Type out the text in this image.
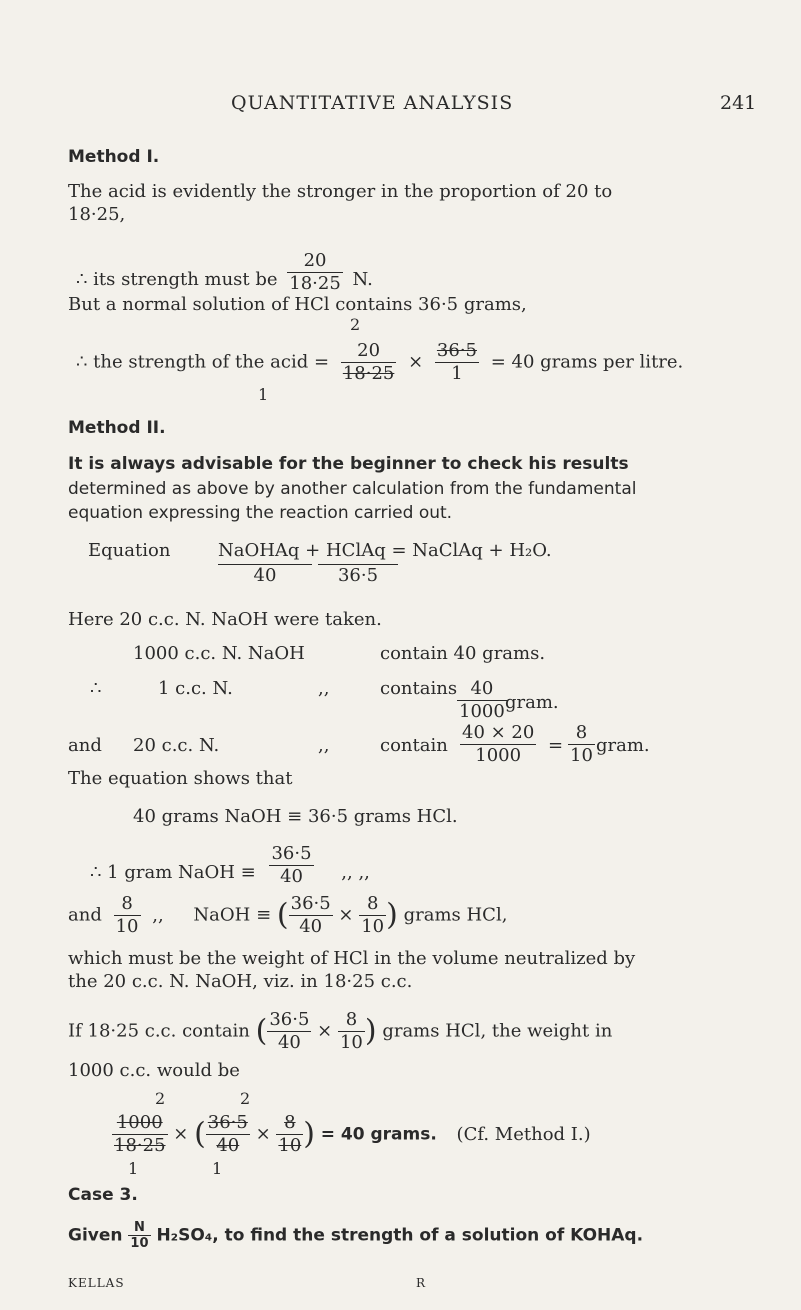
QUANTITATIVE ANALYSIS	241
Method I.
The acid is evidently the stronger in the proportion of 20 to
18·25,
∴ its strength must be $\frac{20}{18\cdot 25} N$.
But a normal solution of HCl contains 36·5 grams,
2
∴ the strength of the acid = $\frac{20}{18\cdot 25} \times \frac{36\cdot 5}{1} = 40$ grams per litre.
1
Method II.
It is always advisable for the beginner to check his results
determined as above by another calculation from the fundamental
equation expressing the reaction carried out.
Equation	NaOHAq + HClAq = NaClAq + H₂O.
40	36·5
Here 20 c.c. N. NaOH were taken.
1000 c.c. N. NaOH	contain 40 grams.
∴	1 c.c. N.	,,	contains $\frac{40}{1000}$
gram.
and 20 c.c. N.	,,	contain $\frac{40 \times 20}{1000} = \frac{8}{10}$ gram.
The equation shows that
40 grams NaOH ≡ 36·5 grams HCl.
∴ 1 gram NaOH ≡ $\frac{36\cdot 5}{40}$ ,, ,,
and $\frac{8}{10}$ ,, NaOH ≡ ( $\frac{36\cdot 5}{40} \times \frac{8}{10}$ ) grams HCl,
which must be the weight of HCl in the volume neutralized by
the 20 c.c. N. NaOH, viz. in 18·25 c.c.
If 18·25 c.c. contain ( $\frac{36\cdot 5}{40} \times \frac{8}{10}$ ) grams HCl, the weight in
1000 c.c. would be
2	2
$\frac{1000}{18\cdot 25}$ × ( $\frac{36\cdot 5}{40} \times \frac{8}{10}$ ) = 40 grams. (Cf. Method I.)
1	1
Case 3.
Given $\frac{N}{10} H_2SO_4$, to find the strength of a solution of KOHAq.
KELLAS	R
